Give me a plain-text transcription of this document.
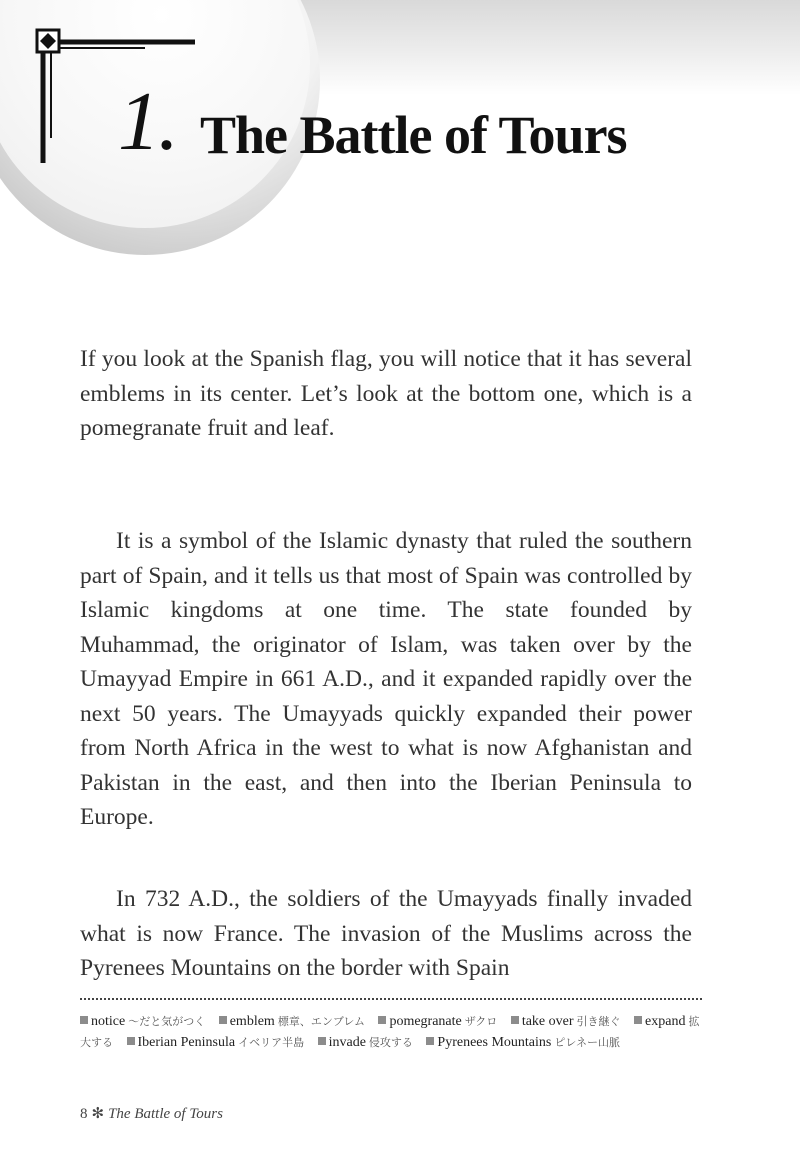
1. The Battle of Tours

If you look at the Spanish flag, you will notice that it has several emblems in its center. Let’s look at the bottom one, which is a pomegranate fruit and leaf.

It is a symbol of the Islamic dynasty that ruled the southern part of Spain, and it tells us that most of Spain was controlled by Islamic kingdoms at one time. The state founded by Muhammad, the originator of Islam, was taken over by the Umayyad Empire in 661 A.D., and it expanded rapidly over the next 50 years. The Umayyads quickly expanded their power from North Africa in the west to what is now Afghanistan and Pakistan in the east, and then into the Iberian Peninsula to Europe.

In 732 A.D., the soldiers of the Umayyads finally invaded what is now France. The invasion of the Muslims across the Pyrenees Mountains on the border with Spain

notice 〜だと気がつく emblem 標章、エンブレム pomegranate ザクロ take over 引き継ぐ expand 拡大する Iberian Peninsula イベリア半島 invade 侵攻する Pyrenees Mountains ピレネー山脈
8 ✻ The Battle of Tours
